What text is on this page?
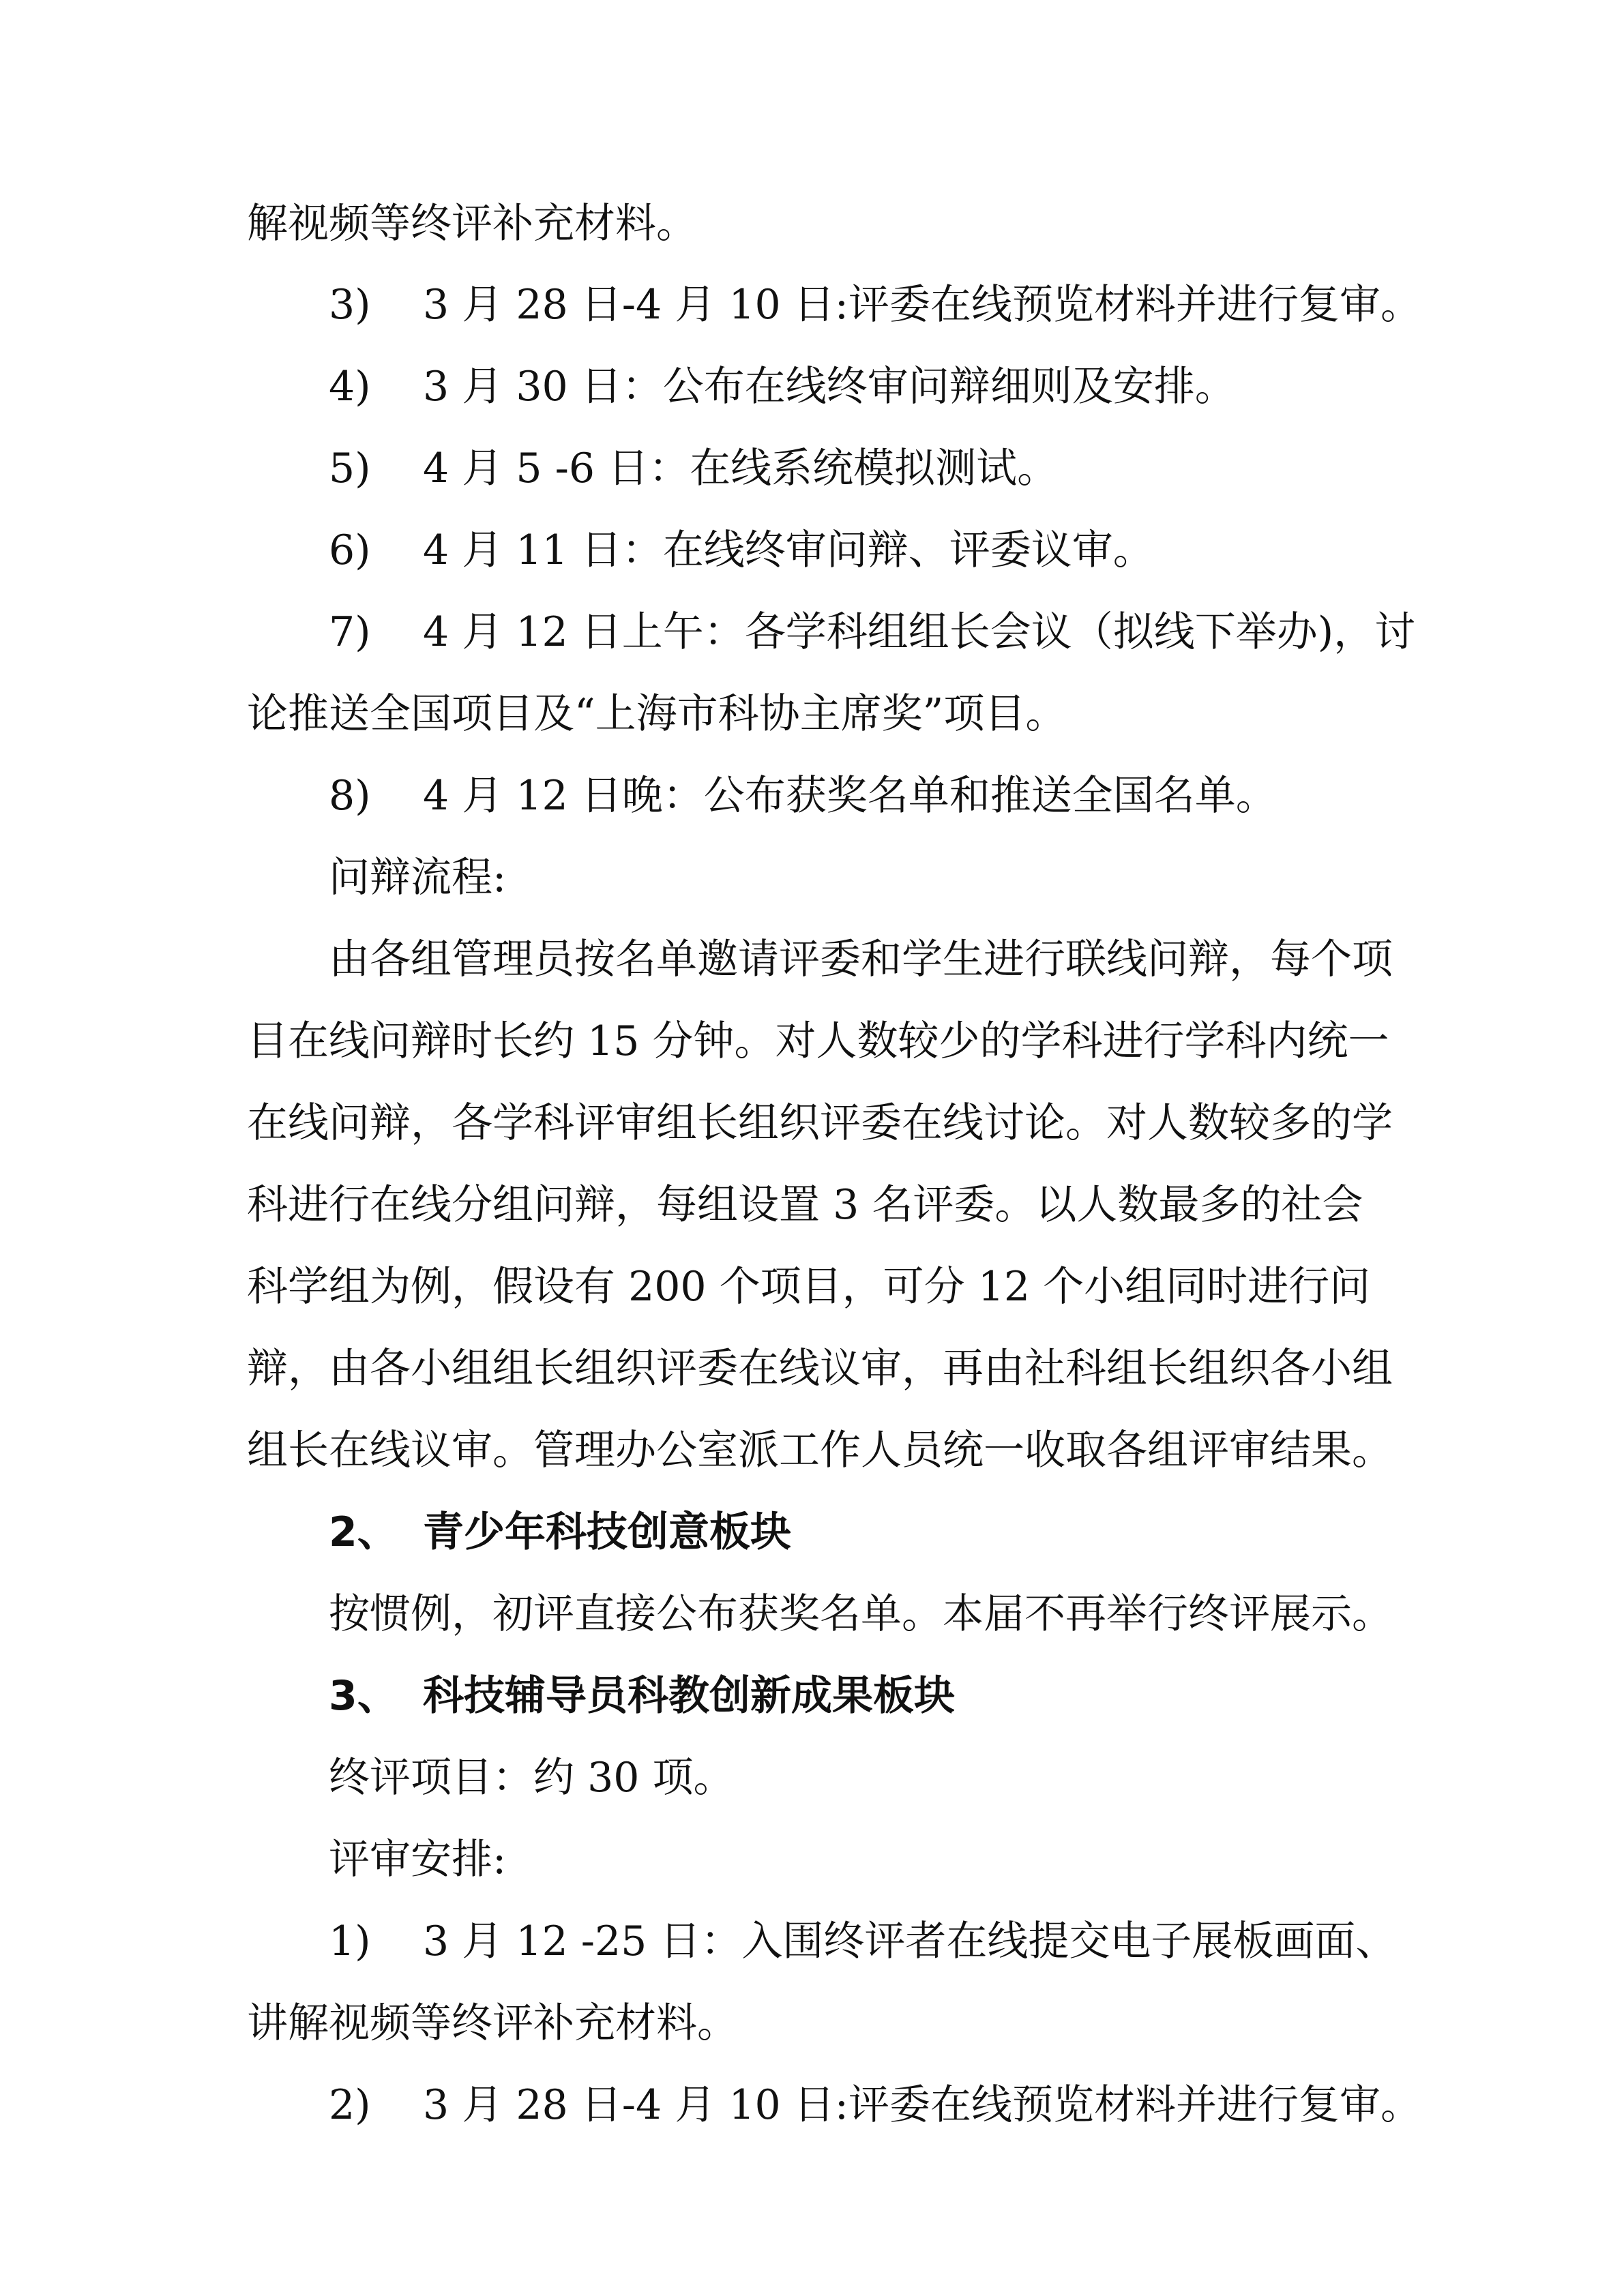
解视频等终评补充材料。
3) 3 月 28 日-4 月 10 日:评委在线预览材料并进行复审。
4) 3 月 30 日：公布在线终审问辩细则及安排。
5) 4 月 5 -6 日：在线系统模拟测试。
6) 4 月 11 日：在线终审问辩、评委议审。
7) 4 月 12 日上午：各学科组组长会议（拟线下举办)，讨
论推送全国项目及“上海市科协主席奖”项目。
8) 4 月 12 日晚：公布获奖名单和推送全国名单。
问辩流程:
由各组管理员按名单邀请评委和学生进行联线问辩，每个项
目在线问辩时长约 15 分钟。对人数较少的学科进行学科内统一
在线问辩，各学科评审组长组织评委在线讨论。对人数较多的学
科进行在线分组问辩，每组设置 3 名评委。以人数最多的社会
科学组为例，假设有 200 个项目，可分 12 个小组同时进行问
辩，由各小组组长组织评委在线议审，再由社科组长组织各小组
组长在线议审。管理办公室派工作人员统一收取各组评审结果。
2、 青少年科技创意板块
按惯例，初评直接公布获奖名单。本届不再举行终评展示。
3、 科技辅导员科教创新成果板块
终评项目：约 30 项。
评审安排:
1) 3 月 12 -25 日：入围终评者在线提交电子展板画面、
讲解视频等终评补充材料。
2) 3 月 28 日-4 月 10 日:评委在线预览材料并进行复审。
